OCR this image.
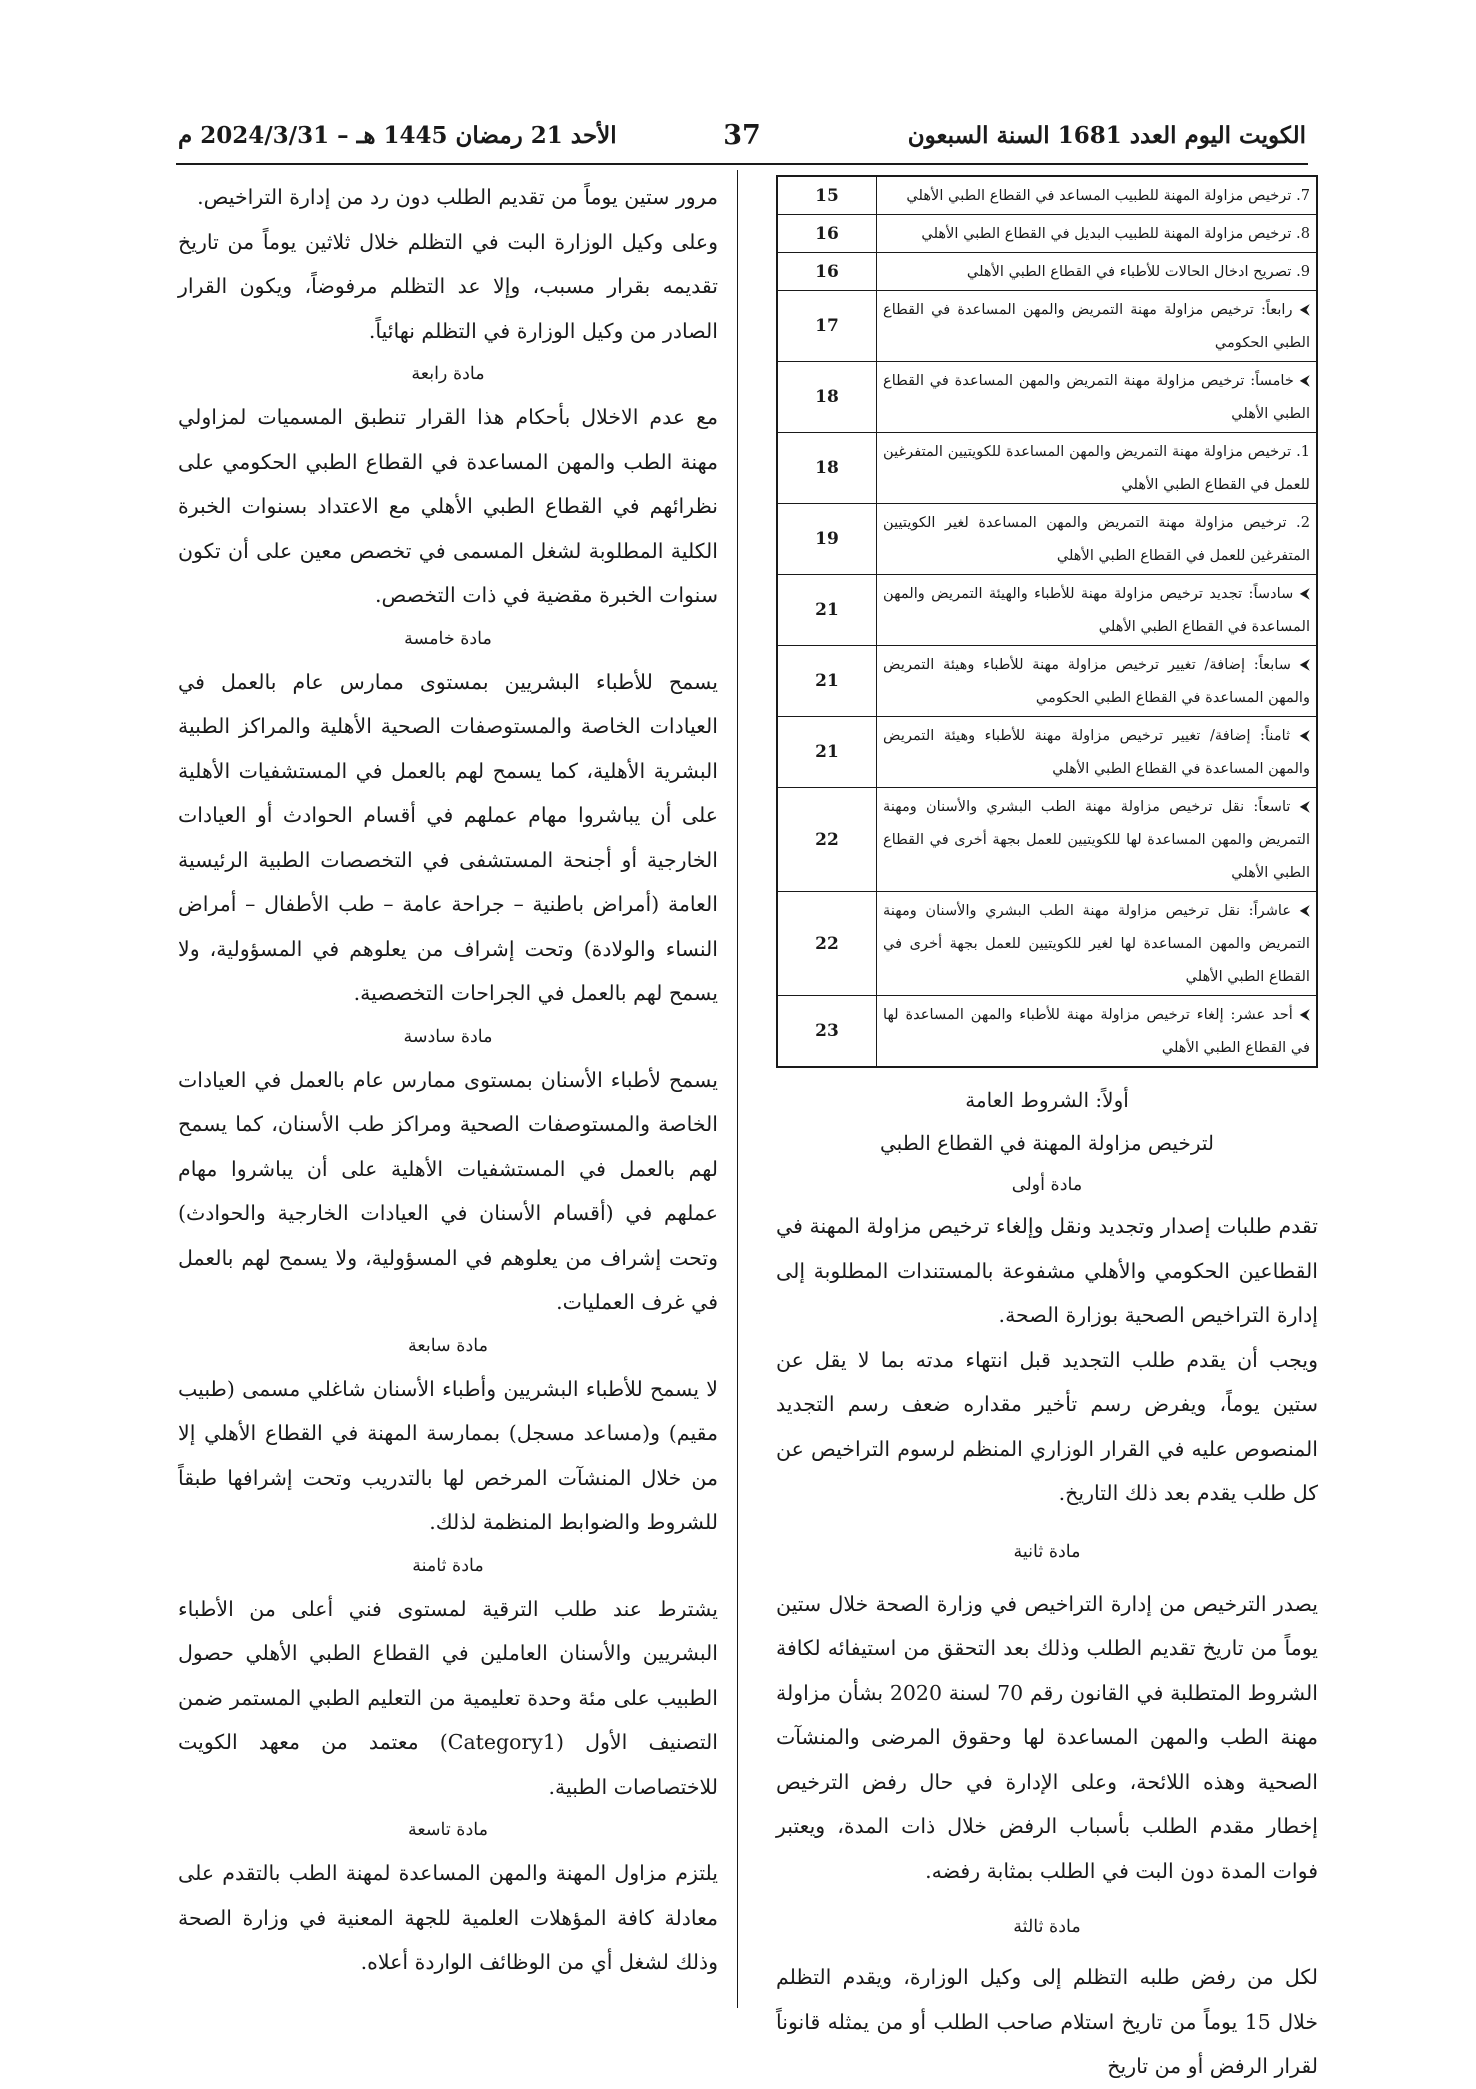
الكويت اليوم العدد 1681 السنة السبعون
37
الأحد 21 رمضان 1445 هـ – 2024/3/31 م
7. ترخيص مزاولة المهنة للطبيب المساعد في القطاع الطبي الأهلي	15
8. ترخيص مزاولة المهنة للطبيب البديل في القطاع الطبي الأهلي	16
9. تصريح ادخال الحالات للأطباء في القطاع الطبي الأهلي	16
⮜ رابعاً: ترخيص مزاولة مهنة التمريض والمهن المساعدة في القطاع الطبي الحكومي	17
⮜ خامساً: ترخيص مزاولة مهنة التمريض والمهن المساعدة في القطاع الطبي الأهلي	18
1. ترخيص مزاولة مهنة التمريض والمهن المساعدة للكويتيين المتفرغين للعمل في القطاع الطبي الأهلي	18
2. ترخيص مزاولة مهنة التمريض والمهن المساعدة لغير الكويتيين المتفرغين للعمل في القطاع الطبي الأهلي	19
⮜ سادساً: تجديد ترخيص مزاولة مهنة للأطباء والهيئة التمريض والمهن المساعدة في القطاع الطبي الأهلي	21
⮜ سابعاً: إضافة/ تغيير ترخيص مزاولة مهنة للأطباء وهيئة التمريض والمهن المساعدة في القطاع الطبي الحكومي	21
⮜ ثامناً: إضافة/ تغيير ترخيص مزاولة مهنة للأطباء وهيئة التمريض والمهن المساعدة في القطاع الطبي الأهلي	21
⮜ تاسعاً: نقل ترخيص مزاولة مهنة الطب البشري والأسنان ومهنة التمريض والمهن المساعدة لها للكويتيين للعمل بجهة أخرى في القطاع الطبي الأهلي	22
⮜ عاشراً: نقل ترخيص مزاولة مهنة الطب البشري والأسنان ومهنة التمريض والمهن المساعدة لها لغير للكويتيين للعمل بجهة أخرى في القطاع الطبي الأهلي	22
⮜ أحد عشر: إلغاء ترخيص مزاولة مهنة للأطباء والمهن المساعدة لها في القطاع الطبي الأهلي	23

أولاً: الشروط العامة

لترخيص مزاولة المهنة في القطاع الطبي

مادة أولى

تقدم طلبات إصدار وتجديد ونقل وإلغاء ترخيص مزاولة المهنة في القطاعين الحكومي والأهلي مشفوعة بالمستندات المطلوبة إلى إدارة التراخيص الصحية بوزارة الصحة.

ويجب أن يقدم طلب التجديد قبل انتهاء مدته بما لا يقل عن ستين يوماً، ويفرض رسم تأخير مقداره ضعف رسم التجديد المنصوص عليه في القرار الوزاري المنظم لرسوم التراخيص عن كل طلب يقدم بعد ذلك التاريخ.

مادة ثانية

يصدر الترخيص من إدارة التراخيص في وزارة الصحة خلال ستين يوماً من تاريخ تقديم الطلب وذلك بعد التحقق من استيفائه لكافة الشروط المتطلبة في القانون رقم 70 لسنة 2020 بشأن مزاولة مهنة الطب والمهن المساعدة لها وحقوق المرضى والمنشآت الصحية وهذه اللائحة، وعلى الإدارة في حال رفض الترخيص إخطار مقدم الطلب بأسباب الرفض خلال ذات المدة، ويعتبر فوات المدة دون البت في الطلب بمثابة رفضه.

مادة ثالثة

لكل من رفض طلبه التظلم إلى وكيل الوزارة، ويقدم التظلم خلال 15 يوماً من تاريخ استلام صاحب الطلب أو من يمثله قانوناً لقرار الرفض أو من تاريخ

مرور ستين يوماً من تقديم الطلب دون رد من إدارة التراخيص.

وعلى وكيل الوزارة البت في التظلم خلال ثلاثين يوماً من تاريخ تقديمه بقرار مسبب، وإلا عد التظلم مرفوضاً، ويكون القرار الصادر من وكيل الوزارة في التظلم نهائياً.

مادة رابعة

مع عدم الاخلال بأحكام هذا القرار تنطبق المسميات لمزاولي مهنة الطب والمهن المساعدة في القطاع الطبي الحكومي على نظرائهم في القطاع الطبي الأهلي مع الاعتداد بسنوات الخبرة الكلية المطلوبة لشغل المسمى في تخصص معين على أن تكون سنوات الخبرة مقضية في ذات التخصص.

مادة خامسة

يسمح للأطباء البشريين بمستوى ممارس عام بالعمل في العيادات الخاصة والمستوصفات الصحية الأهلية والمراكز الطبية البشرية الأهلية، كما يسمح لهم بالعمل في المستشفيات الأهلية على أن يباشروا مهام عملهم في أقسام الحوادث أو العيادات الخارجية أو أجنحة المستشفى في التخصصات الطبية الرئيسية العامة (أمراض باطنية – جراحة عامة – طب الأطفال – أمراض النساء والولادة) وتحت إشراف من يعلوهم في المسؤولية، ولا يسمح لهم بالعمل في الجراحات التخصصية.

مادة سادسة

يسمح لأطباء الأسنان بمستوى ممارس عام بالعمل في العيادات الخاصة والمستوصفات الصحية ومراكز طب الأسنان، كما يسمح لهم بالعمل في المستشفيات الأهلية على أن يباشروا مهام عملهم في (أقسام الأسنان في العيادات الخارجية والحوادث) وتحت إشراف من يعلوهم في المسؤولية، ولا يسمح لهم بالعمل في غرف العمليات.

مادة سابعة

لا يسمح للأطباء البشريين وأطباء الأسنان شاغلي مسمى (طبيب مقيم) و(مساعد مسجل) بممارسة المهنة في القطاع الأهلي إلا من خلال المنشآت المرخص لها بالتدريب وتحت إشرافها طبقاً للشروط والضوابط المنظمة لذلك.

مادة ثامنة

يشترط عند طلب الترقية لمستوى فني أعلى من الأطباء البشريين والأسنان العاملين في القطاع الطبي الأهلي حصول الطبيب على مئة وحدة تعليمية من التعليم الطبي المستمر ضمن التصنيف الأول (Category1) معتمد من معهد الكويت للاختصاصات الطبية.

مادة تاسعة

يلتزم مزاول المهنة والمهن المساعدة لمهنة الطب بالتقدم على معادلة كافة المؤهلات العلمية للجهة المعنية في وزارة الصحة وذلك لشغل أي من الوظائف الواردة أعلاه.
